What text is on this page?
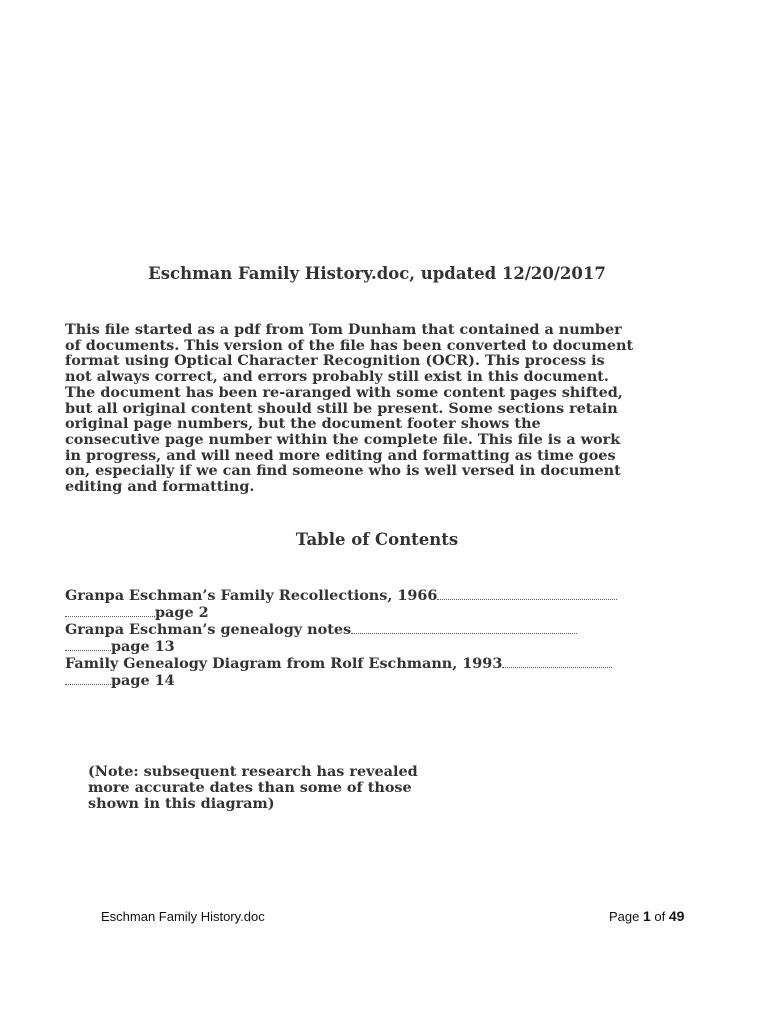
Eschman Family History.doc, updated 12/20/2017
This file started as a pdf from Tom Dunham that contained a number
of documents. This version of the file has been converted to document
format using Optical Character Recognition (OCR). This process is
not always correct, and errors probably still exist in this document.
The document has been re-aranged with some content pages shifted,
but all original content should still be present. Some sections retain
original page numbers, but the document footer shows the
consecutive page number within the complete file. This file is a work
in progress, and will need more editing and formatting as time goes
on, especially if we can find someone who is well versed in document
editing and formatting.
Table of Contents
Granpa Eschman’s Family Recollections, 1966
page 2
Granpa Eschman’s genealogy notes
page 13
Family Genealogy Diagram from Rolf Eschmann, 1993
page 14
(Note: subsequent research has revealed
more accurate dates than some of those
shown in this diagram)
Eschman Family History.doc	Page 1 of 49
